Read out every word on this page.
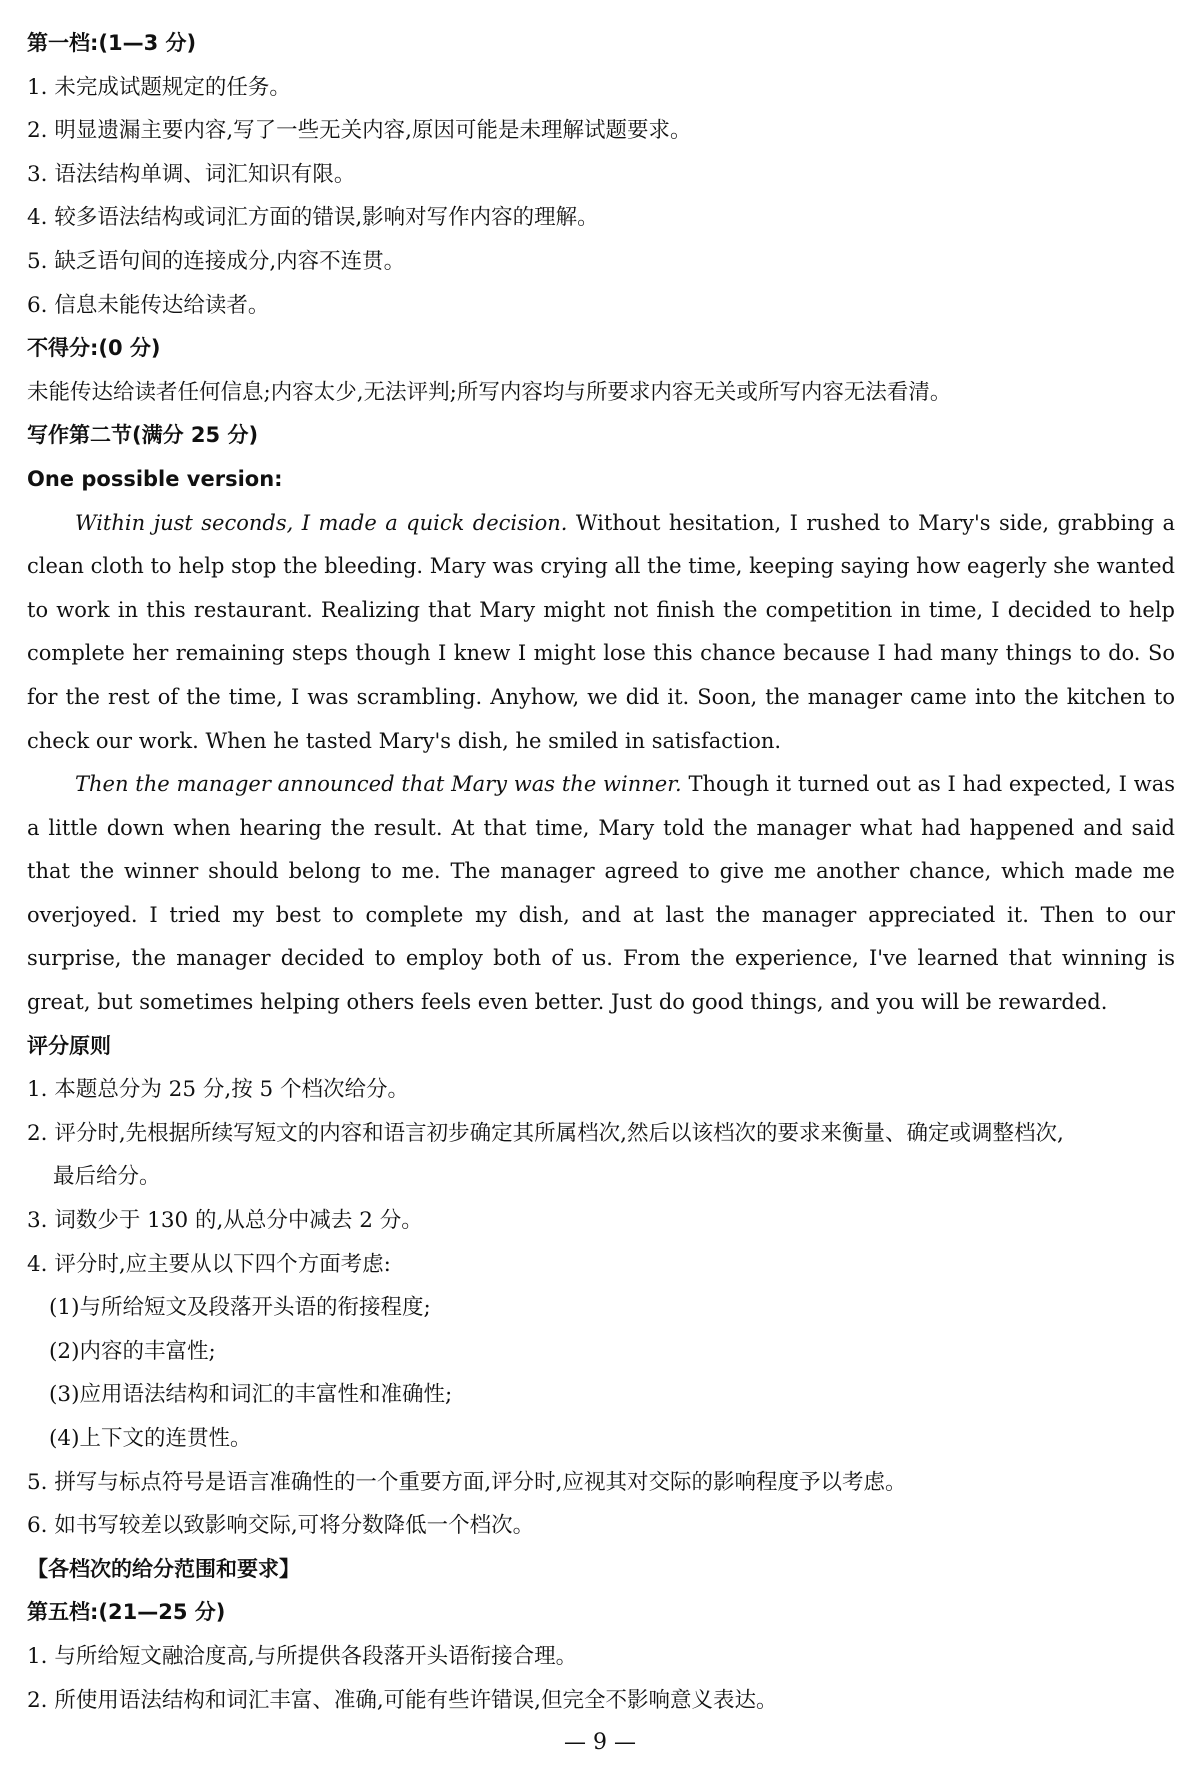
第一档:(1—3 分)
1. 未完成试题规定的任务。
2. 明显遗漏主要内容,写了一些无关内容,原因可能是未理解试题要求。
3. 语法结构单调、词汇知识有限。
4. 较多语法结构或词汇方面的错误,影响对写作内容的理解。
5. 缺乏语句间的连接成分,内容不连贯。
6. 信息未能传达给读者。
不得分:(0 分)
未能传达给读者任何信息;内容太少,无法评判;所写内容均与所要求内容无关或所写内容无法看清。
写作第二节(满分 25 分)
One possible version:

Within just seconds, I made a quick decision. Without hesitation, I rushed to Mary's side, grabbing a clean cloth to help stop the bleeding. Mary was crying all the time, keeping saying how eagerly she wanted to work in this restaurant. Realizing that Mary might not finish the competition in time, I decided to help complete her remaining steps though I knew I might lose this chance because I had many things to do. So for the rest of the time, I was scrambling. Anyhow, we did it. Soon, the manager came into the kitchen to check our work. When he tasted Mary's dish, he smiled in satisfaction.

Then the manager announced that Mary was the winner. Though it turned out as I had expected, I was a little down when hearing the result. At that time, Mary told the manager what had happened and said that the winner should belong to me. The manager agreed to give me another chance, which made me overjoyed. I tried my best to complete my dish, and at last the manager appreciated it. Then to our surprise, the manager decided to employ both of us. From the experience, I've learned that winning is great, but sometimes helping others feels even better. Just do good things, and you will be rewarded.

评分原则
1. 本题总分为 25 分,按 5 个档次给分。
2. 评分时,先根据所续写短文的内容和语言初步确定其所属档次,然后以该档次的要求来衡量、确定或调整档次,
最后给分。
3. 词数少于 130 的,从总分中减去 2 分。
4. 评分时,应主要从以下四个方面考虑:
(1)与所给短文及段落开头语的衔接程度;
(2)内容的丰富性;
(3)应用语法结构和词汇的丰富性和准确性;
(4)上下文的连贯性。
5. 拼写与标点符号是语言准确性的一个重要方面,评分时,应视其对交际的影响程度予以考虑。
6. 如书写较差以致影响交际,可将分数降低一个档次。
【各档次的给分范围和要求】
第五档:(21—25 分)
1. 与所给短文融洽度高,与所提供各段落开头语衔接合理。
2. 所使用语法结构和词汇丰富、准确,可能有些许错误,但完全不影响意义表达。
— 9 —
